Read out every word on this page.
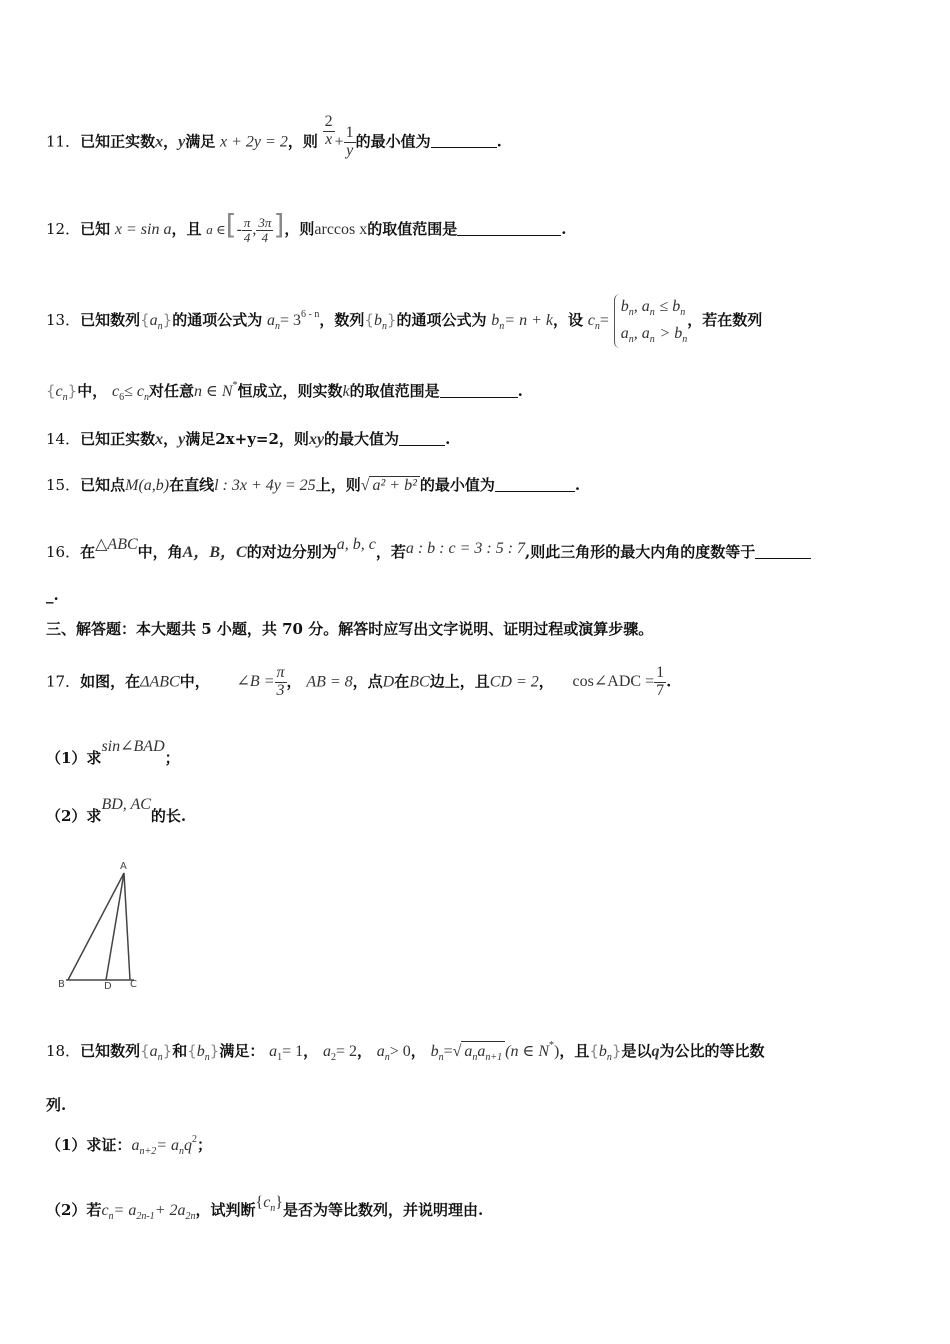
11．已知正实数x，y满足 x + 2y = 2，则 $\frac{2}{x} + \frac{1}{y}$ 的最小值为	.
12．已知 x = sin a，且 a ∈[- $\frac{\pi}{4}$ , $\frac{3\pi}{4}$ ]，则arccos x的取值范围是	.
13．已知数列$\{a_n\}$的通项公式为 $a_n= 3^{6 - n}$，数列$\{b_n\}$的通项公式为 $b_n= n + k$，设 $c_n=$
$b_n$, $a_n \le b_n$
$a_n$, $a_n > b_n$
，若在数列
$\{c_n\}$中， $c_6\le c_n$对任意n ∈ N*恒成立，则实数k的取值范围是	.
14．已知正实数x，y满足2x+y=2，则xy的最大值为	.
15．已知点M(a,b)在直线l : 3x + 4y = 25上，则√ a² + b² 的最小值为	.
16．在△ABC中，角A，B，C的对边分别为a, b, c，若a : b : c = 3 : 5 : 7,则此三角形的最大内角的度数等于
_.
三、解答题：本大题共 5 小题，共 70 分。解答时应写出文字说明、证明过程或演算步骤。
17．如图，在ΔABC中， ∠B = $\frac{\pi}{3}$ ， AB = 8，点D在BC边上，且CD = 2， cos∠ADC = $\frac{1}{7}$ .
（1）求sin∠BAD；
（2）求BD, AC的长.
A
B	D C
18．已知数列$\{a_n\}$和$\{b_n\}$满足： $a_1= 1$， $a_2= 2$， $a_n> 0$， $b_n=√$ $a_na_{n+1}$ (n ∈ N*)，且$\{b_n\}$是以q为公比的等比数
列.
（1）求证：$a_{n+2}= a_nq^2$；
（2）若$c_n= a_{2n-1}+ 2a_{2n}$，试判断$\{c^n\}$是否为等比数列，并说明理由.
